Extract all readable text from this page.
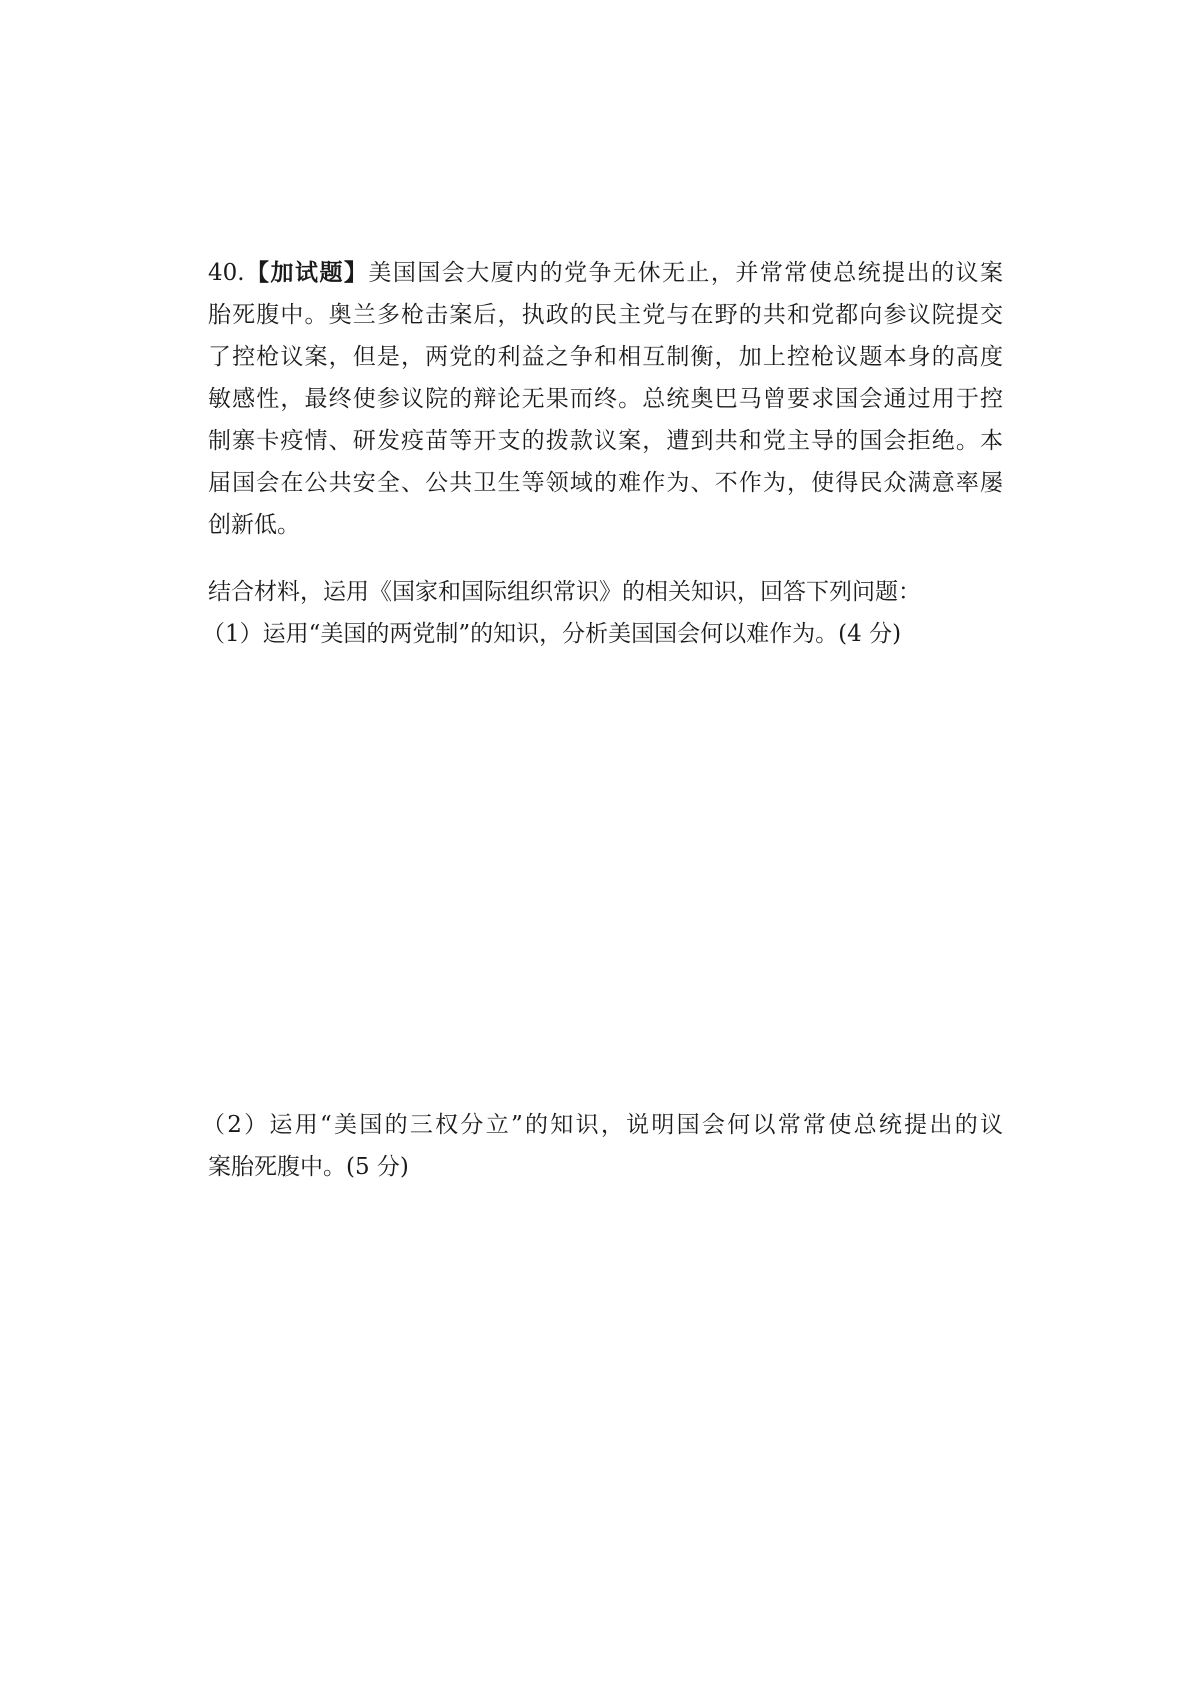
40.【加试题】美国国会大厦内的党争无休无止，并常常使总统提出的议案
胎死腹中。奥兰多枪击案后，执政的民主党与在野的共和党都向参议院提交
了控枪议案，但是，两党的利益之争和相互制衡，加上控枪议题本身的高度
敏感性，最终使参议院的辩论无果而终。总统奥巴马曾要求国会通过用于控
制寨卡疫情、研发疫苗等开支的拨款议案，遭到共和党主导的国会拒绝。本
届国会在公共安全、公共卫生等领域的难作为、不作为，使得民众满意率屡
创新低。
结合材料，运用《国家和国际组织常识》的相关知识，回答下列问题：
（1）运用“美国的两党制”的知识，分析美国国会何以难作为。(4 分)
（2）运用“美国的三权分立”的知识，说明国会何以常常使总统提出的议
案胎死腹中。(5 分)
